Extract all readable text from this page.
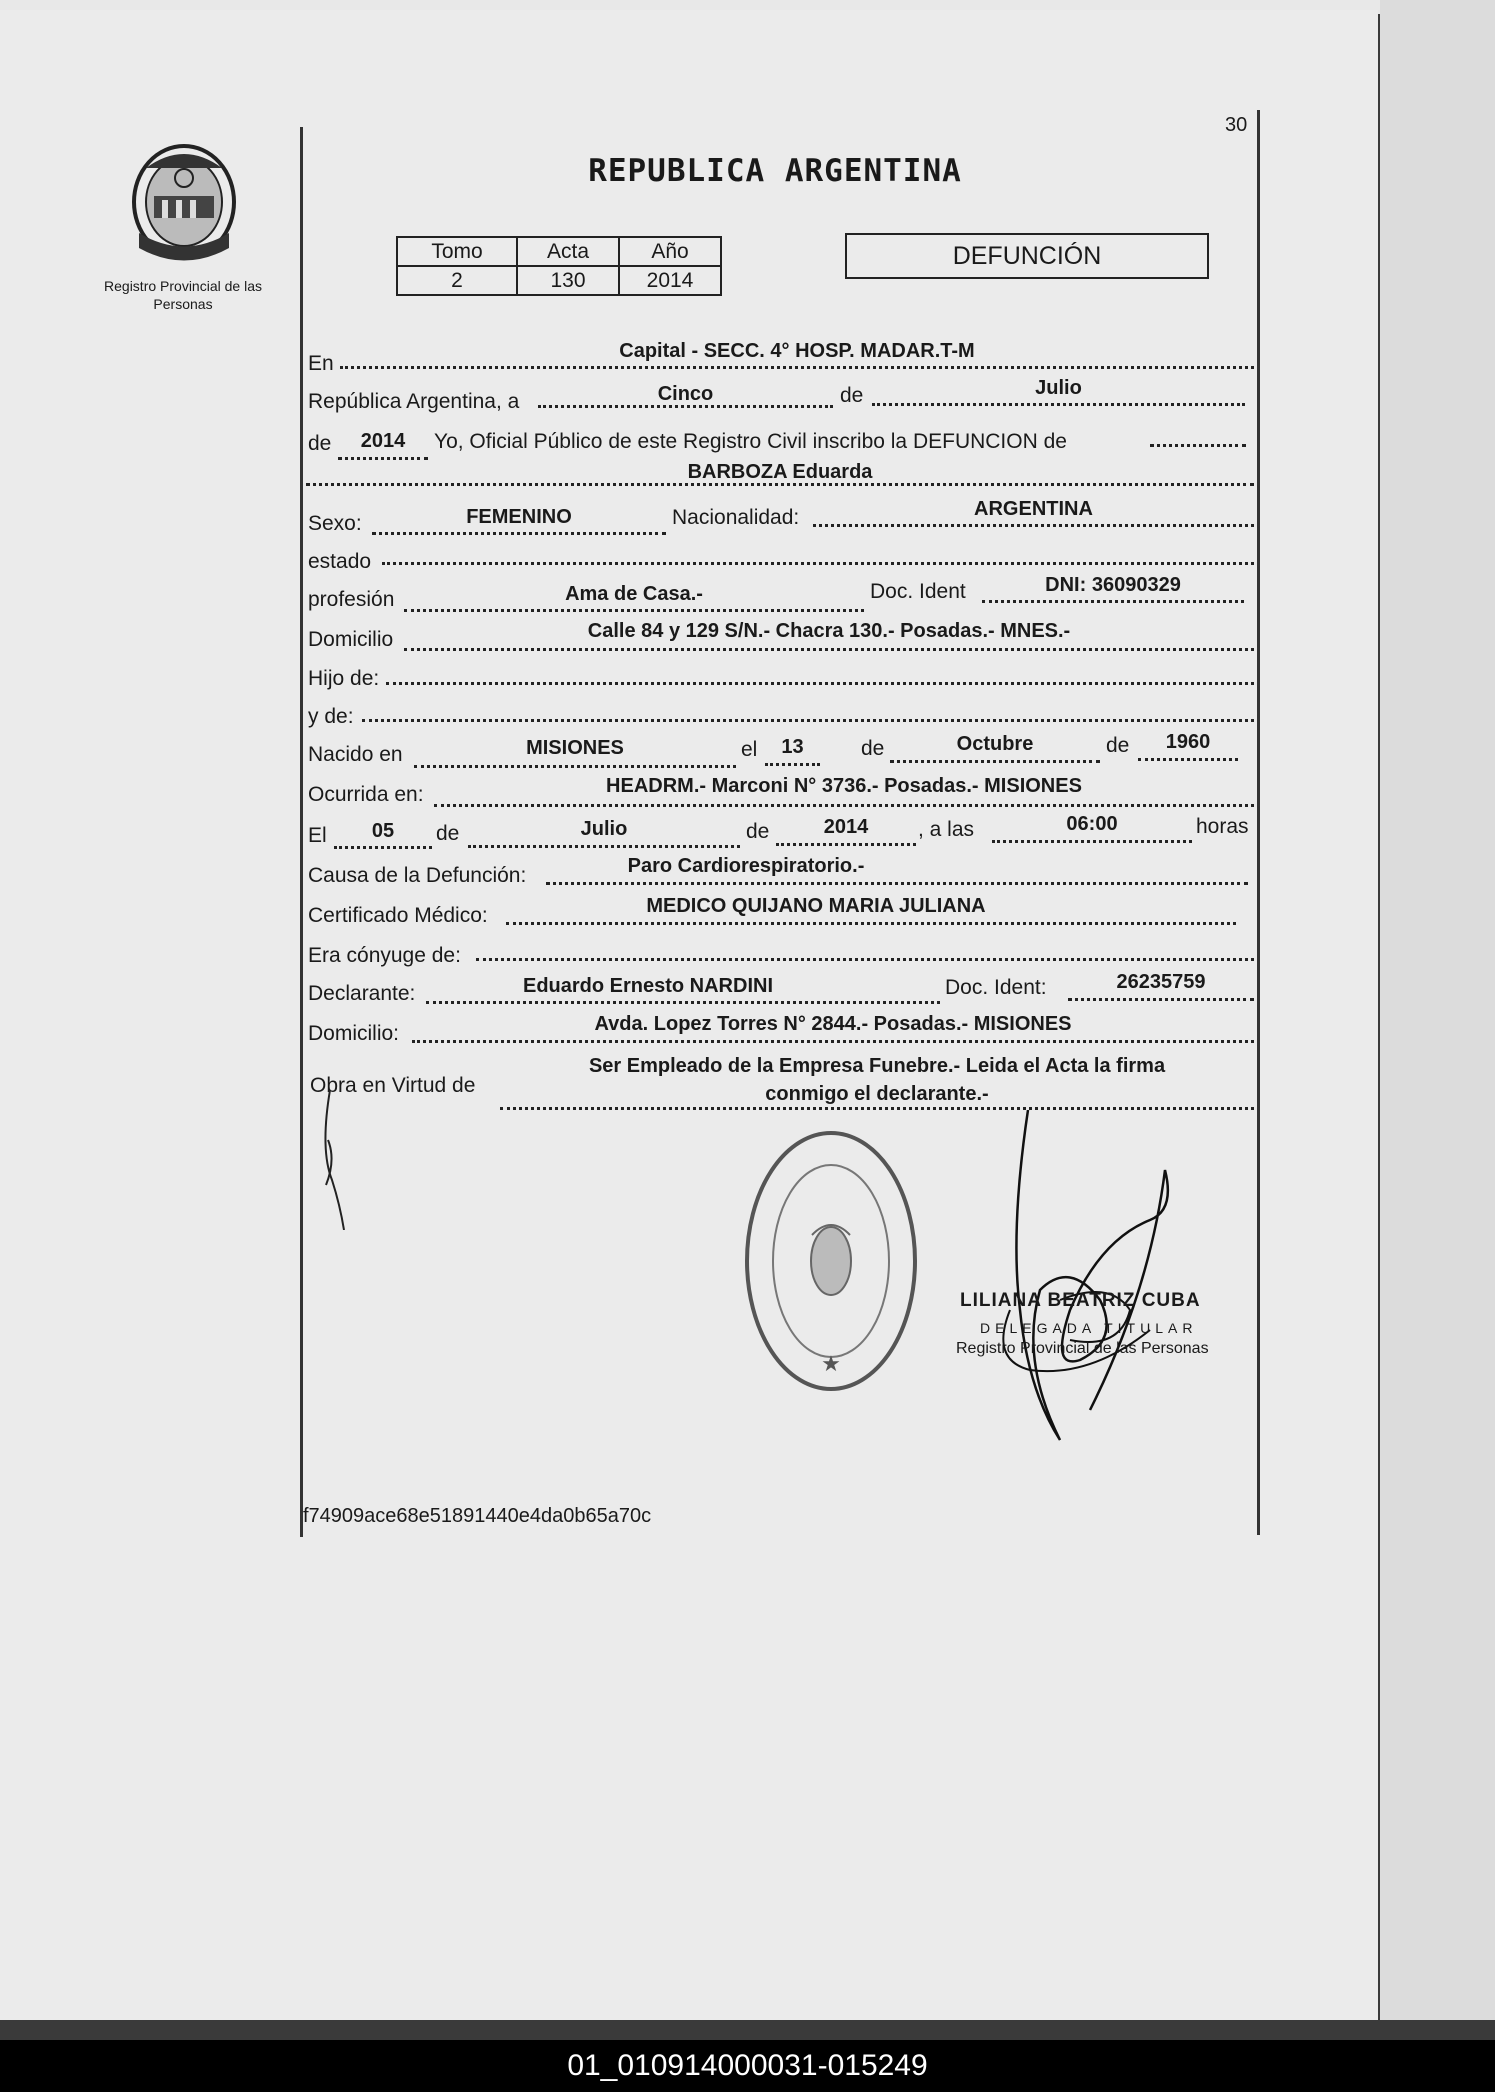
30
Registro Provincial de las Personas
REPUBLICA ARGENTINA
Tomo	Acta	Año
2	130	2014
DEFUNCIÓN
En
Capital - SECC. 4° HOSP. MADAR.T-M
República Argentina, a	Cinco	de	Julio
de	2014	Yo, Oficial Público de este Registro Civil inscribo la DEFUNCION de
BARBOZA Eduarda
Sexo:	FEMENINO	Nacionalidad:	ARGENTINA
estado
profesión	Ama de Casa.-	Doc. Ident	DNI: 36090329
Domicilio	Calle 84 y 129 S/N.- Chacra 130.- Posadas.- MNES.-
Hijo de:
y de:
Nacido en	MISIONES	el	13	de	Octubre	de	1960
Ocurrida en:	HEADRM.- Marconi N° 3736.- Posadas.- MISIONES
El	05	de	Julio	de	2014	, a las	06:00	horas
Causa de la Defunción:	Paro Cardiorespiratorio.-
Certificado Médico:	MEDICO QUIJANO MARIA JULIANA
Era cónyuge de:
Declarante:	Eduardo Ernesto NARDINI	Doc. Ident:	26235759
Domicilio:	Avda. Lopez Torres N° 2844.- Posadas.- MISIONES
Obra en Virtud de
Ser Empleado de la Empresa Funebre.- Leida el Acta la firma
conmigo el declarante.-
★
LILIANA BEATRIZ CUBA
DELEGADA TITULAR
Registro Provincial de las Personas
f74909ace68e51891440e4da0b65a70c
01_010914000031-015249
